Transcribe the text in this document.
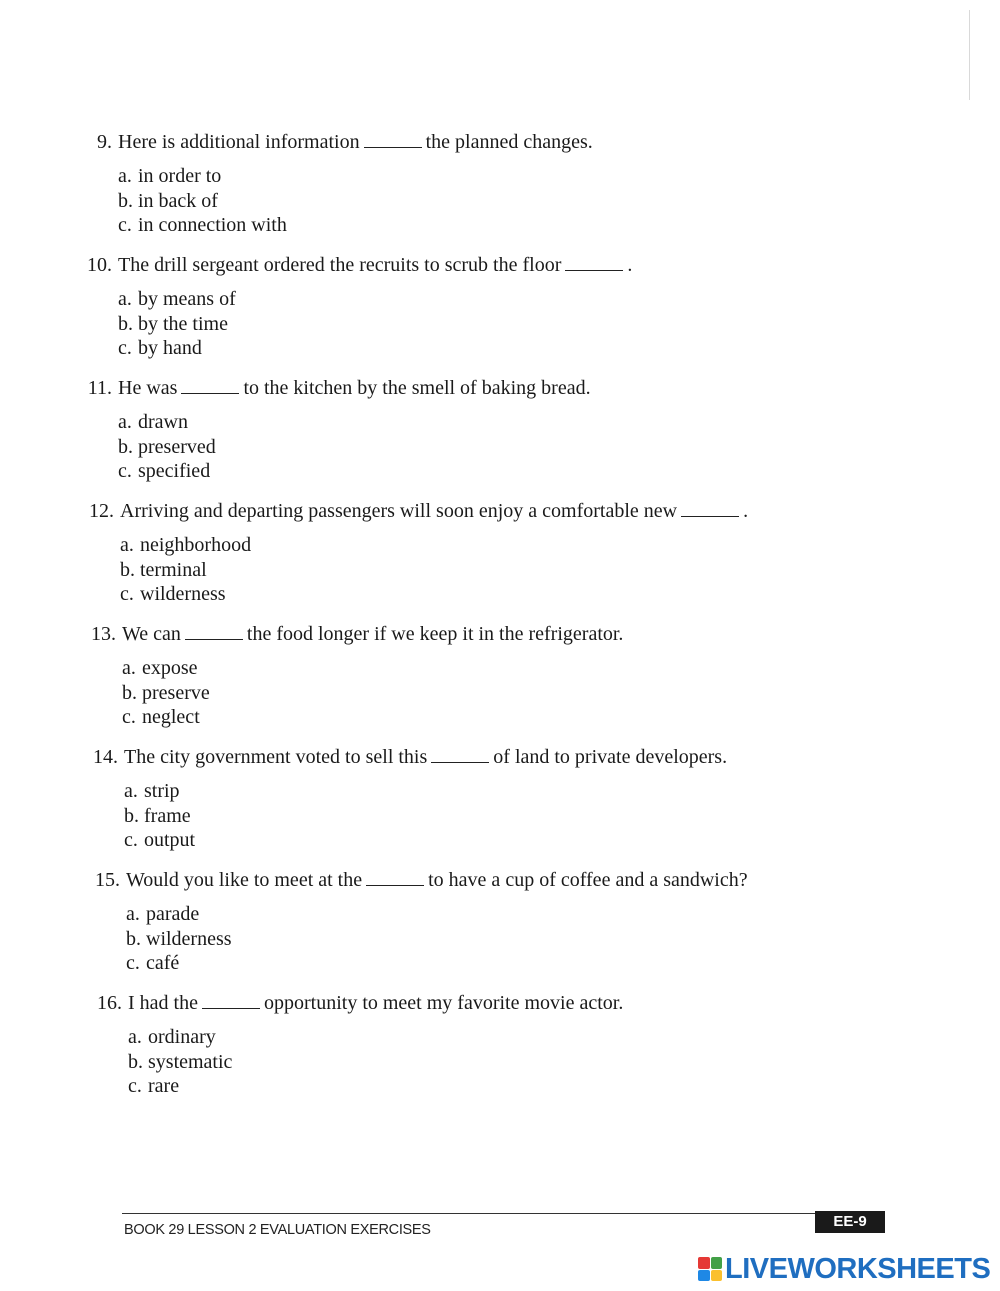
9. Here is additional information	the planned changes.
a. in order to
b. in back of
c. in connection with
10. The drill sergeant ordered the recruits to scrub the floor	.
a. by means of
b. by the time
c. by hand
11. He was	to the kitchen by the smell of baking bread.
a. drawn
b. preserved
c. specified
12. Arriving and departing passengers will soon enjoy a comfortable new	.
a. neighborhood
b. terminal
c. wilderness
13. We can	the food longer if we keep it in the refrigerator.
a. expose
b. preserve
c. neglect
14. The city government voted to sell this	of land to private developers.
a. strip
b. frame
c. output
15. Would you like to meet at the	to have a cup of coffee and a sandwich?
a. parade
b. wilderness
c. café
16. I had the	opportunity to meet my favorite movie actor.
a. ordinary
b. systematic
c. rare
BOOK 29 LESSON 2 EVALUATION EXERCISES	EE-9
LIVEWORKSHEETS
